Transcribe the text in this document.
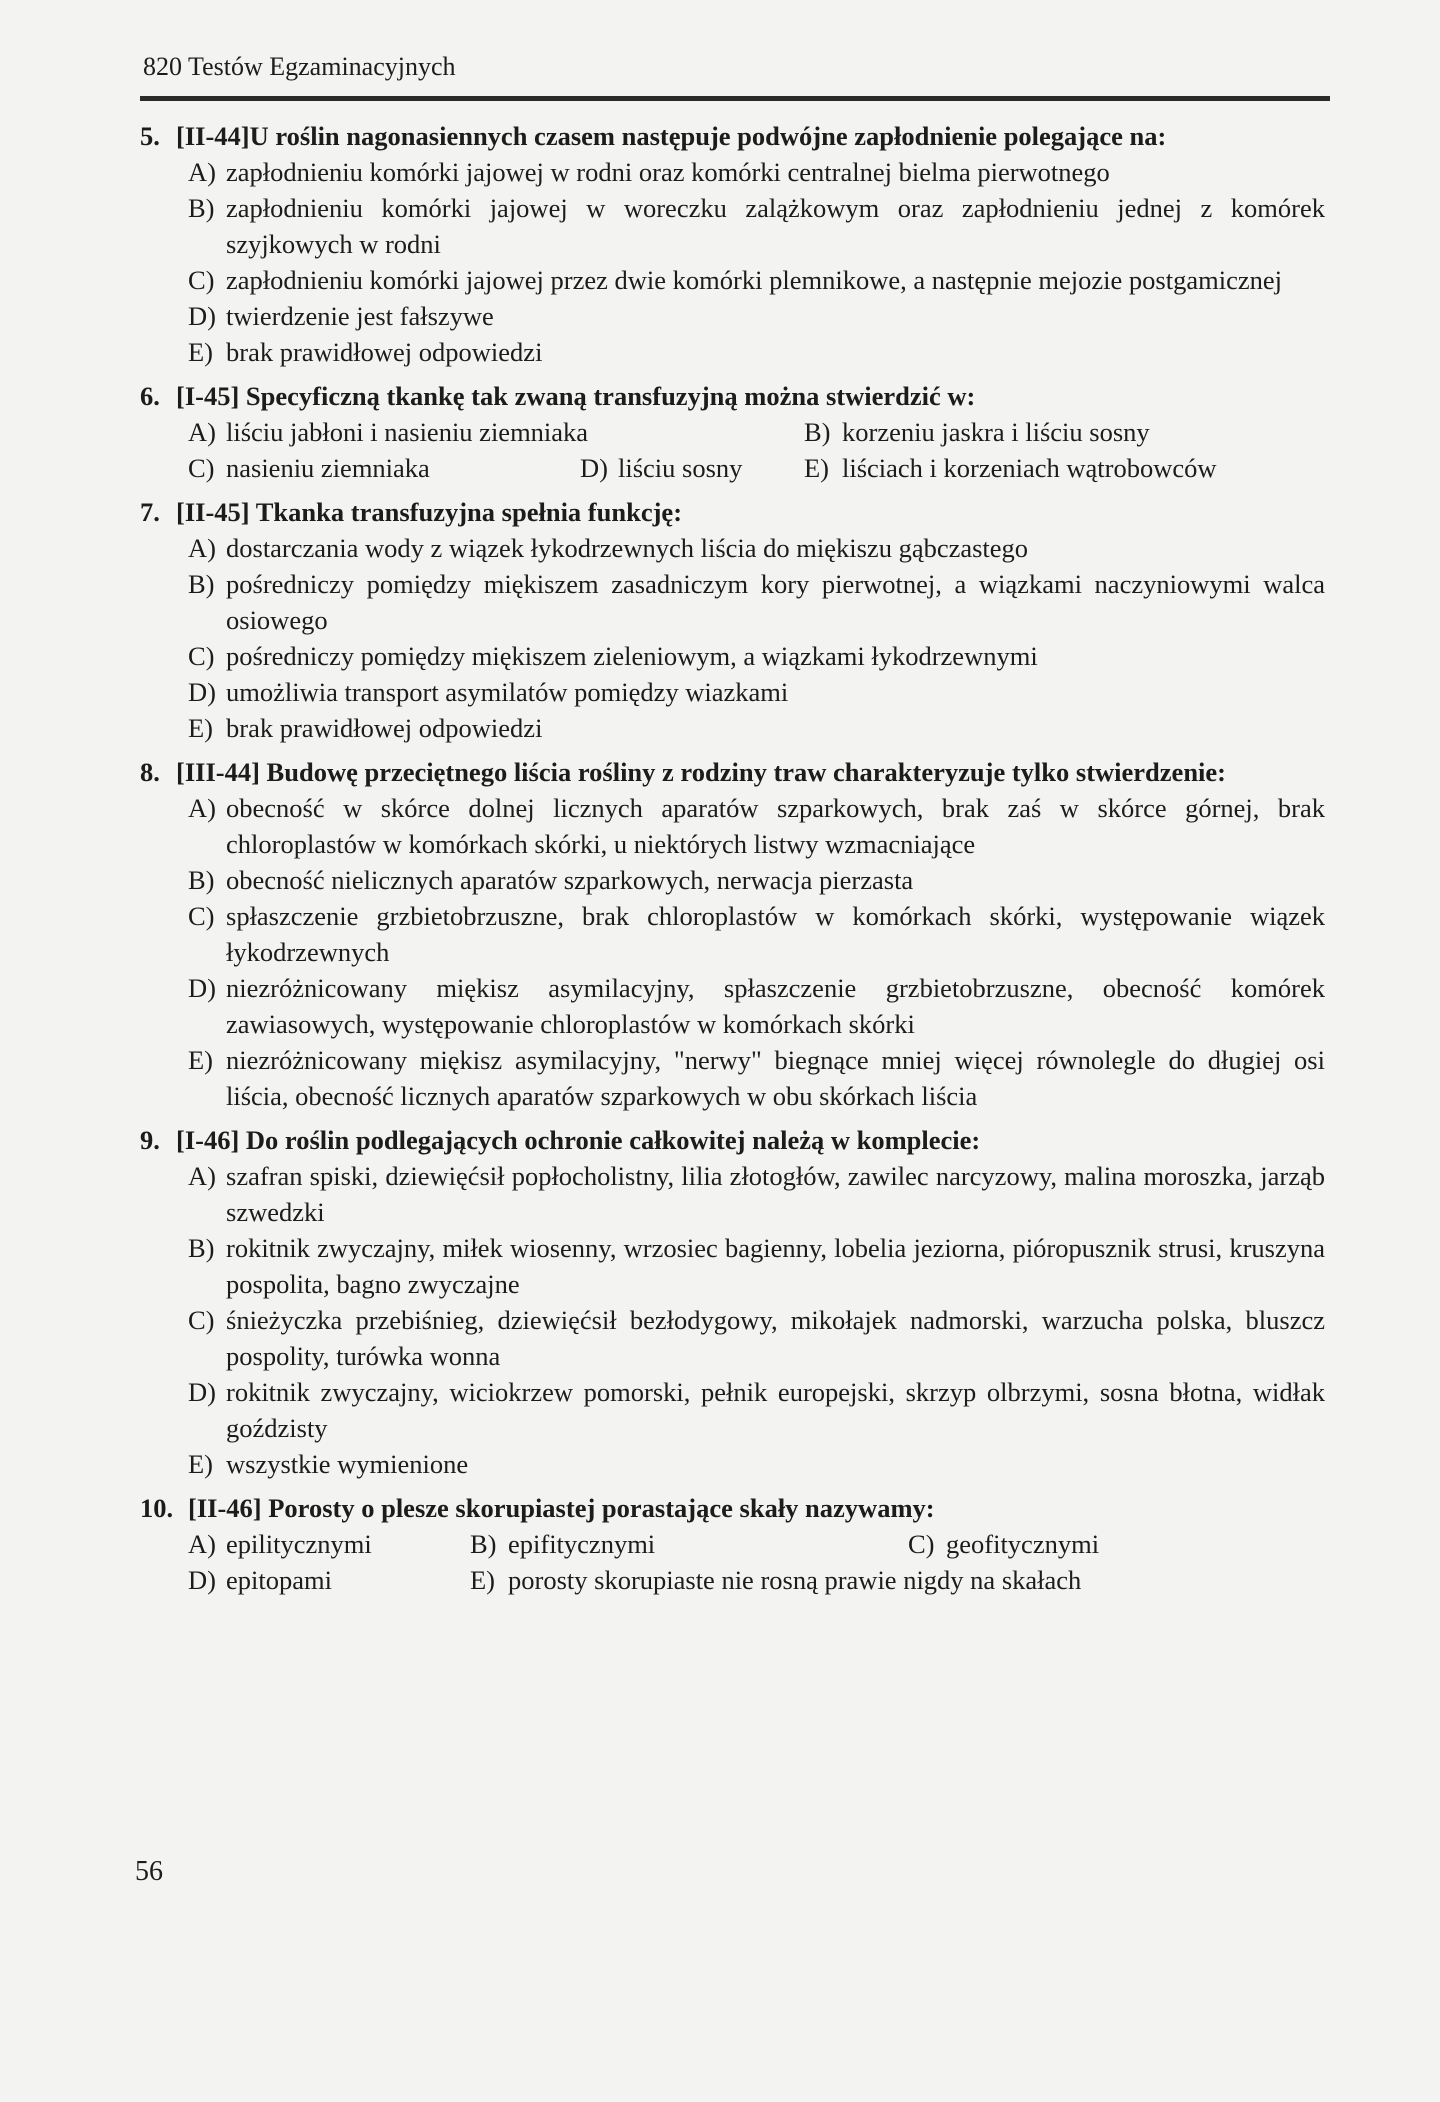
820 Testów Egzaminacyjnych
5. [II-44]U roślin nagonasiennych czasem następuje podwójne zapłodnienie polegające na:
A) zapłodnieniu komórki jajowej w rodni oraz komórki centralnej bielma pierwotnego
B) zapłodnieniu komórki jajowej w woreczku zalążkowym oraz zapłodnieniu jednej z komórek szyjkowych w rodni
C) zapłodnieniu komórki jajowej przez dwie komórki plemnikowe, a następnie mejozie postgamicznej
D) twierdzenie jest fałszywe
E) brak prawidłowej odpowiedzi
6. [I-45] Specyficzną tkankę tak zwaną transfuzyjną można stwierdzić w:
A) liściu jabłoni i nasieniu ziemniaka	B) korzeniu jaskra i liściu sosny
C) nasieniu ziemniaka	D) liściu sosny E) liściach i korzeniach wątrobowców
7. [II-45] Tkanka transfuzyjna spełnia funkcję:
A) dostarczania wody z wiązek łykodrzewnych liścia do miękiszu gąbczastego
B) pośredniczy pomiędzy miękiszem zasadniczym kory pierwotnej, a wiązkami naczyniowymi walca osiowego
C) pośredniczy pomiędzy miękiszem zieleniowym, a wiązkami łykodrzewnymi
D) umożliwia transport asymilatów pomiędzy wiazkami
E) brak prawidłowej odpowiedzi
8. [III-44] Budowę przeciętnego liścia rośliny z rodziny traw charakteryzuje tylko stwierdzenie:
A) obecność w skórce dolnej licznych aparatów szparkowych, brak zaś w skórce górnej, brak chloroplastów w komórkach skórki, u niektórych listwy wzmacniające
B) obecność nielicznych aparatów szparkowych, nerwacja pierzasta
C) spłaszczenie grzbietobrzuszne, brak chloroplastów w komórkach skórki, występowanie wiązek łykodrzewnych
D) niezróżnicowany miękisz asymilacyjny, spłaszczenie grzbietobrzuszne, obecność komórek zawiasowych, występowanie chloroplastów w komórkach skórki
E) niezróżnicowany miękisz asymilacyjny, "nerwy" biegnące mniej więcej równolegle do długiej osi liścia, obecność licznych aparatów szparkowych w obu skórkach liścia
9. [I-46] Do roślin podlegających ochronie całkowitej należą w komplecie:
A) szafran spiski, dziewięćsił popłocholistny, lilia złotogłów, zawilec narcyzowy, malina moroszka, jarząb szwedzki
B) rokitnik zwyczajny, miłek wiosenny, wrzosiec bagienny, lobelia jeziorna, pióropusznik strusi, kruszyna pospolita, bagno zwyczajne
C) śnieżyczka przebiśnieg, dziewięćsił bezłodygowy, mikołajek nadmorski, warzucha polska, bluszcz pospolity, turówka wonna
D) rokitnik zwyczajny, wiciokrzew pomorski, pełnik europejski, skrzyp olbrzymi, sosna błotna, widłak goździsty
E) wszystkie wymienione
10. [II-46] Porosty o plesze skorupiastej porastające skały nazywamy:
A) epilitycznymi	B) epifitycznymi	C) geofitycznymi
D) epitopami	E) porosty skorupiaste nie rosną prawie nigdy na skałach
56
